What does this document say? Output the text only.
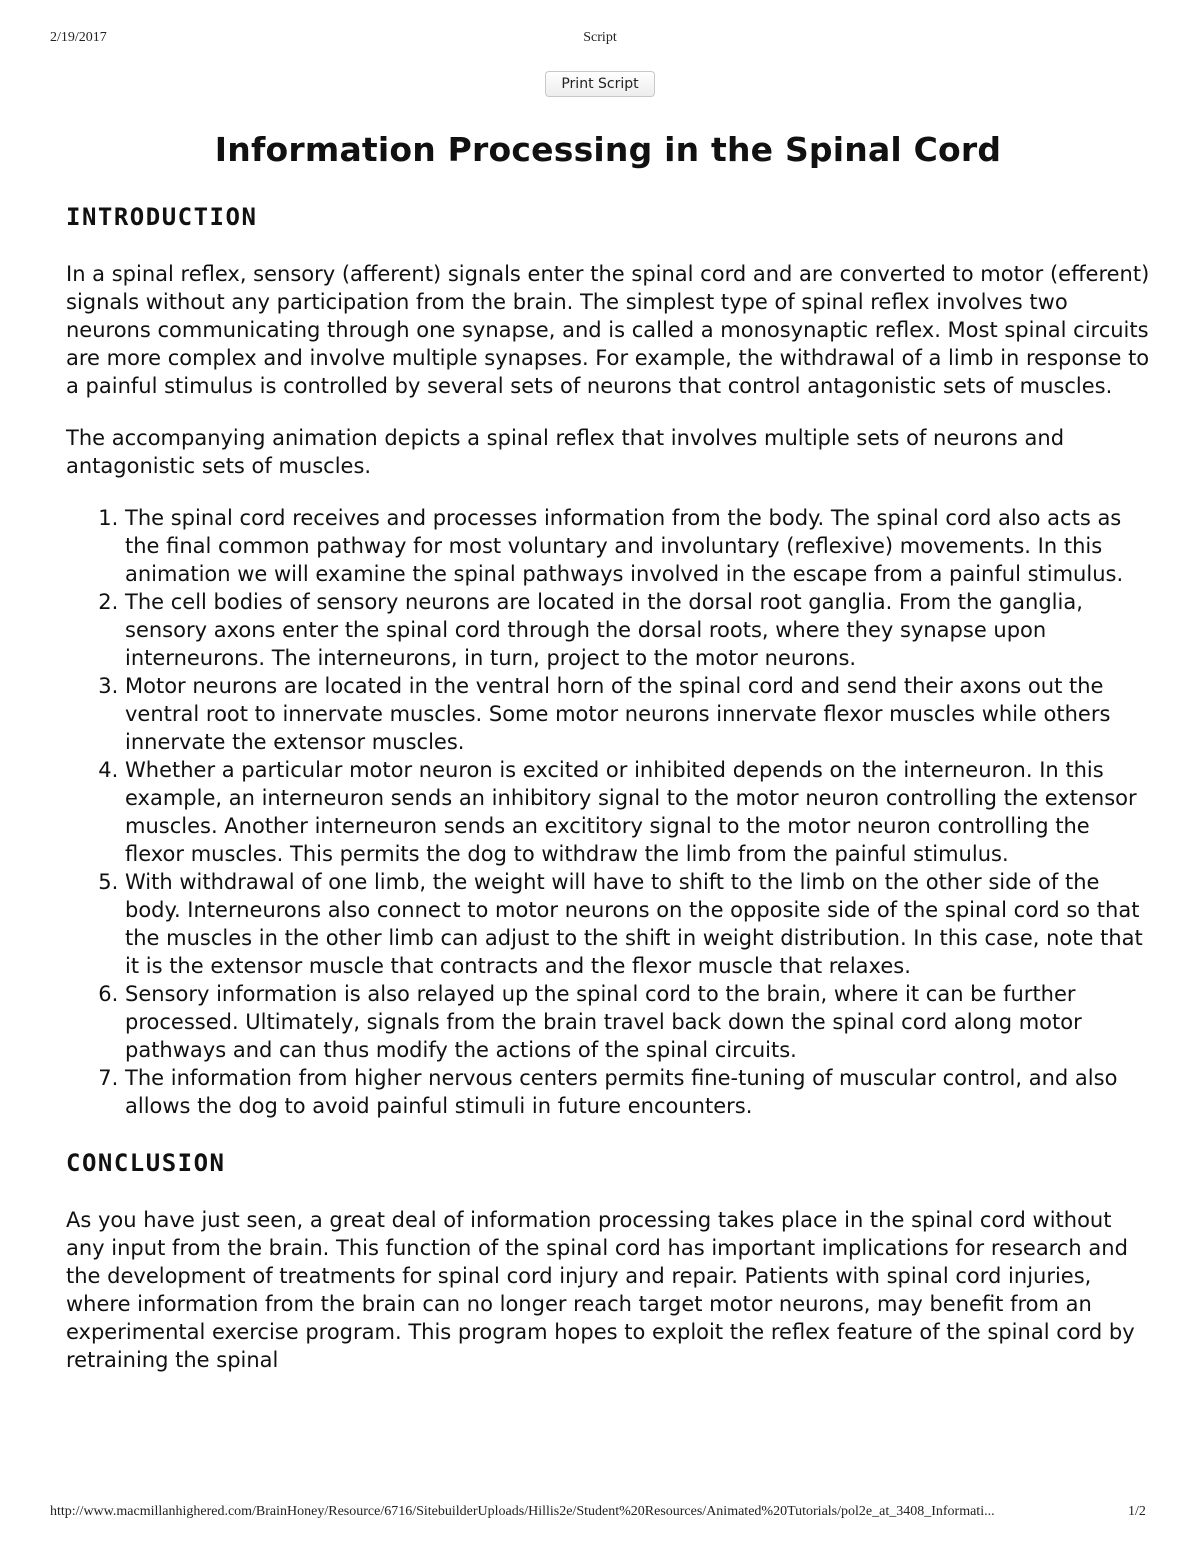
2/19/2017	Script
Print Script
Information Processing in the Spinal Cord
INTRODUCTION

In a spinal reflex, sensory (afferent) signals enter the spinal cord and are converted to motor (efferent) signals without any participation from the brain. The simplest type of spinal reflex involves two neurons communicating through one synapse, and is called a monosynaptic reflex. Most spinal circuits are more complex and involve multiple synapses. For example, the withdrawal of a limb in response to a painful stimulus is controlled by several sets of neurons that control antagonistic sets of muscles.

The accompanying animation depicts a spinal reflex that involves multiple sets of neurons and antagonistic sets of muscles.

1. The spinal cord receives and processes information from the body. The spinal cord also acts as the final common pathway for most voluntary and involuntary (reflexive) movements. In this animation we will examine the spinal pathways involved in the escape from a painful stimulus.
2. The cell bodies of sensory neurons are located in the dorsal root ganglia. From the ganglia, sensory axons enter the spinal cord through the dorsal roots, where they synapse upon interneurons. The interneurons, in turn, project to the motor neurons.
3. Motor neurons are located in the ventral horn of the spinal cord and send their axons out the ventral root to innervate muscles. Some motor neurons innervate flexor muscles while others innervate the extensor muscles.
4. Whether a particular motor neuron is excited or inhibited depends on the interneuron. In this example, an interneuron sends an inhibitory signal to the motor neuron controlling the extensor muscles. Another interneuron sends an excititory signal to the motor neuron controlling the flexor muscles. This permits the dog to withdraw the limb from the painful stimulus.
5. With withdrawal of one limb, the weight will have to shift to the limb on the other side of the body. Interneurons also connect to motor neurons on the opposite side of the spinal cord so that the muscles in the other limb can adjust to the shift in weight distribution. In this case, note that it is the extensor muscle that contracts and the flexor muscle that relaxes.
6. Sensory information is also relayed up the spinal cord to the brain, where it can be further processed. Ultimately, signals from the brain travel back down the spinal cord along motor pathways and can thus modify the actions of the spinal circuits.
7. The information from higher nervous centers permits fine-tuning of muscular control, and also allows the dog to avoid painful stimuli in future encounters.
CONCLUSION

As you have just seen, a great deal of information processing takes place in the spinal cord without any input from the brain. This function of the spinal cord has important implications for research and the development of treatments for spinal cord injury and repair. Patients with spinal cord injuries, where information from the brain can no longer reach target motor neurons, may benefit from an experimental exercise program. This program hopes to exploit the reflex feature of the spinal cord by retraining the spinal

http://www.macmillanhighered.com/BrainHoney/Resource/6716/SitebuilderUploads/Hillis2e/Student%20Resources/Animated%20Tutorials/pol2e_at_3408_Informati...	1/2
